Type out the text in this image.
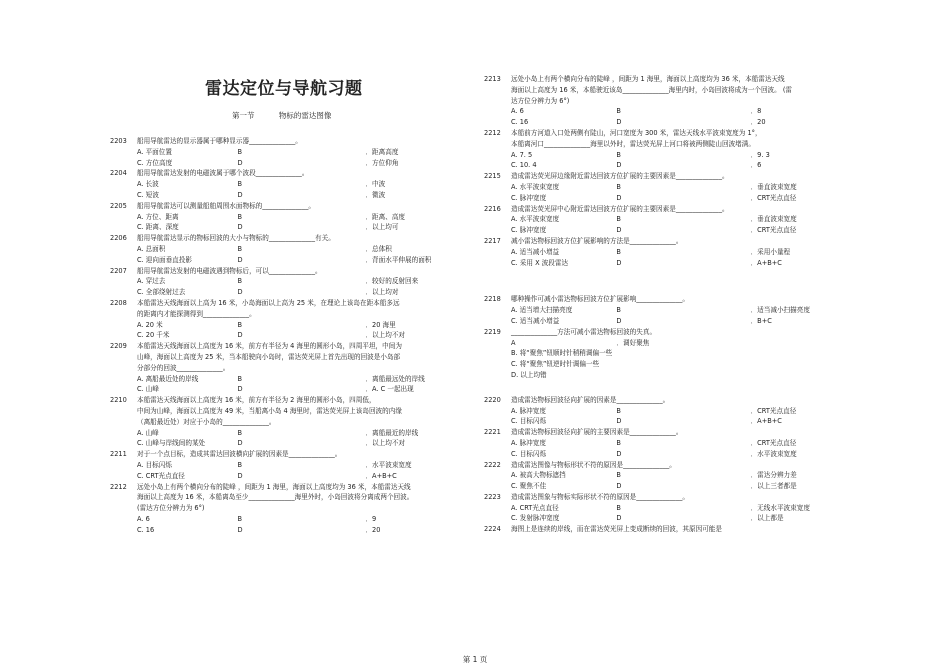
雷达定位与导航习题
第一节	物标的雷达图像
2203 船用导航雷达的显示器属于哪种显示器______________。
A. 平面位置	B	．距离高度
C. 方位高度	D	．方位仰角
2204 船用导航雷达发射的电磁波属于哪个波段______________。
A. 长波	B	．中波
C. 短波	D	．微波
2205 船用导航雷达可以测量船舶周围水面物标的______________。
A. 方位、距离	B	．距离、高度
C. 距离、深度	D	．以上均可
2206 船用导航雷达显示的物标回波的大小与物标的______________有关。
A. 总面积	B	．总体积
C. 迎向面垂直投影	D	．背面水平伸展的面积
2207 船用导航雷达发射的电磁波遇到物标后，可以______________。
A. 穿过去	B	．较好的反射回来
C. 全部绕射过去	D	．以上均对
2208 本船雷达天线海面以上高为 16 米，小岛海面以上高为 25 米，在理论上该岛在距本船多远
的距离内才能探测得到______________。
A. 20 米	B	．20 海里
C. 20 千米	D	．以上均不对
2209 本船雷达天线海面以上高度为 16 米，前方有半径为 4 海里的圆形小岛，四周平坦，中间为
山峰，海面以上高度为 25 米，当本船驶向小岛时，雷达荧光屏上首先出现的回波是小岛部
分部分的回波______________。
A. 离船最近处的岸线	B	．离船最远处的岸线
C. 山峰	D	．A. C 一起出现
2210 本船雷达天线海面以上高度为 16 米，前方有半径为 2 海里的圆形小岛，四周低，
中间为山峰，海面以上高度为 49 米，当船离小岛 4 海里时，雷达荧光屏上该岛回波的内缘
（离船最近处）对应于小岛的______________。
A. 山峰	B	．离船最近的岸线
C. 山峰与岸线间的某处	D	．以上均不对
2211 对于一个点目标，造成其雷达回波横向扩展的因素是______________。
A. 目标闪烁	B	．水平波束宽度
C. CRT光点直径	D	．A+B+C
2212 远处小岛上有两个横向分布的陡峰 ，间距为 1 海里，海面以上高度均为 36 米，本船雷达天线
海面以上高度为 16 米，本船离岛至少______________海里外时，小岛回波将分离成两个回波。
(雷达方位分辨力为 6°)
A. 6	B	．9
C. 16	D	．20
2213 远处小岛上有两个横向分布的陡峰 ，间距为 1 海里，海面以上高度均为 36 米，本船雷达天线
海面以上高度为 16 米，本船驶近该岛______________海里内时，小岛回波将成为一个回波。 (雷
达方位分辨力为 6°)
A. 6	B	．8
C. 16	D	．20
2212 本船前方河道入口处两侧有陡山，河口宽度为 300 米，雷达天线水平波束宽度为 1°，
本船离河口______________海里以外时，雷达荧光屏上河口将被两侧陡山回波堵满。
A. 7. 5	B	．9. 3
C. 10. 4	D	．6
2215 造成雷达荧光屏边缘附近雷达回波方位扩展的主要因素是______________。
A. 水平波束宽度	B	．垂直波束宽度
C. 脉冲宽度	D	．CRT光点直径
2216 造成雷达荧光屏中心附近雷达回波方位扩展的主要因素是______________。
A. 水平波束宽度	B	．垂直波束宽度
C. 脉冲宽度	D	．CRT光点直径
2217 减小雷达物标回波方位扩展影响的方法是______________。
A. 适当减小增益	B	．采用小量程
C. 采用 X 波段雷达	D	．A+B+C
2218 哪种操作可减小雷达物标回波方位扩展影响______________。
A. 适当增大扫描亮度	B	．适当减小扫描亮度
C. 适当减小增益	D	．B+C
2219 ______________方法可减小雷达物标回波的失真。
A	．调好聚焦
B. 将“聚焦”钮顺时针稍稍调偏一些
C. 将“聚焦”钮逆时针调偏一些
D. 以上均错
2220 造成雷达物标回波径向扩展的因素是______________。
A. 脉冲宽度	B	．CRT光点直径
C. 目标闪烁	D	．A+B+C
2221 造成雷达物标回波径向扩展的主要因素是______________。
A. 脉冲宽度	B	．CRT光点直径
C. 目标闪烁	D	．水平波束宽度
2222 造成雷达图像与物标形状不符的原因是______________。
A. 被高大物标遮挡	B	．雷达分辨力差
C. 聚焦不佳	D	．以上三者都是
2223 造成雷达图象与物标实际形状不符的原因是______________。
A. CRT光点直径	B	．无线水平波束宽度
C. 发射脉冲宽度	D	．以上都是
2224 海图上是连续的岸线，而在雷达荧光屏上变成断续的回波，其原因可能是
第 1 页
